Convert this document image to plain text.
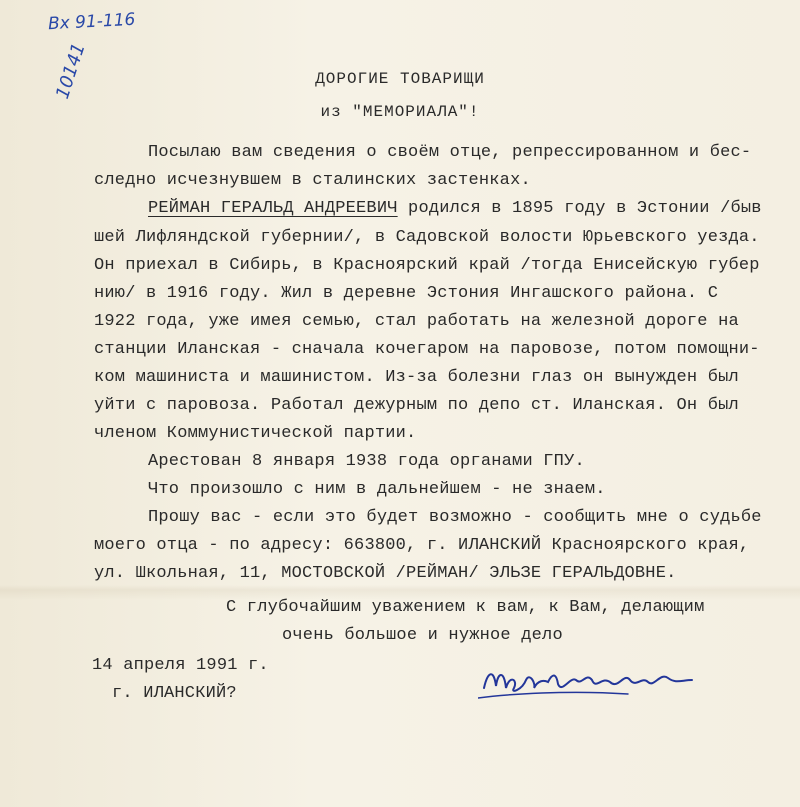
Вх 91-116
10141	ДОРОГИЕ ТОВАРИЩИ
из "МЕМОРИАЛА"!
Посылаю вам сведения о своём отце, репрессированном и бес-
следно исчезнувшем в сталинских застенках.
РЕЙМАН ГЕРАЛЬД АНДРЕЕВИЧ родился в 1895 году в Эстонии /быв
шей Лифляндской губернии/, в Садовской волости Юрьевского уезда.
Он приехал в Сибирь, в Красноярский край /тогда Енисейскую губер
нию/ в 1916 году. Жил в деревне Эстония Ингашского района. С
1922 года, уже имея семью, стал работать на железной дороге на
станции Иланская - сначала кочегаром на паровозе, потом помощни-
ком машиниста и машинистом. Из-за болезни глаз он вынужден был
уйти с паровоза. Работал дежурным по депо ст. Иланская. Он был
членом Коммунистической партии.
Арестован 8 января 1938 года органами ГПУ.
Что произошло с ним в дальнейшем - не знаем.
Прошу вас - если это будет возможно - сообщить мне о судьбе
моего отца - по адресу: 663800, г. ИЛАНСКИЙ Красноярского края,
ул. Школьная, 11, МОСТОВСКОЙ /РЕЙМАН/ ЭЛЬЗЕ ГЕРАЛЬДОВНЕ.
С глубочайшим уважением к вам, к Вам, делающим
очень большое и нужное дело
14 апреля 1991 г.
г. ИЛАНСКИЙ?
